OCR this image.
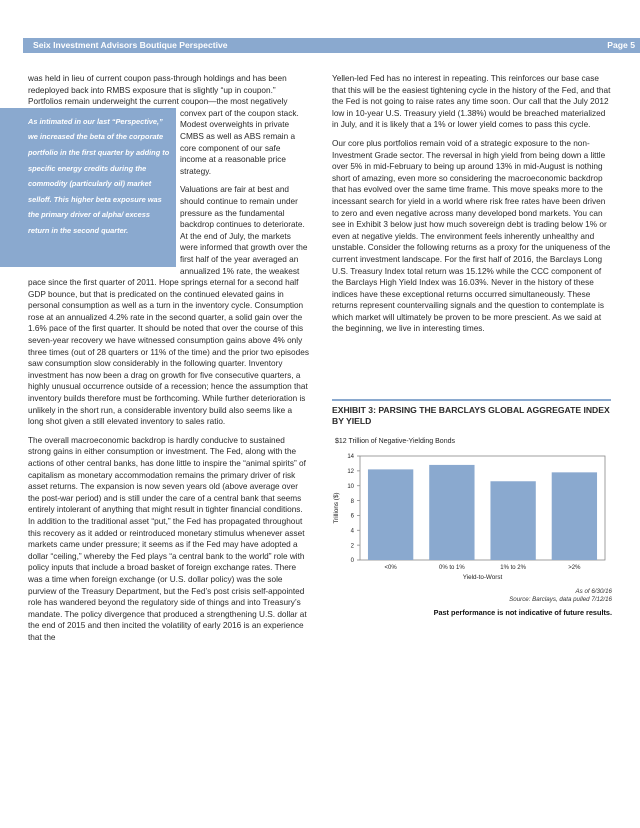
Seix Investment Advisors Boutique Perspective	Page 5

was held in lieu of current coupon pass-through holdings and has been redeployed back into RMBS exposure that is slightly “up in coupon.” Portfolios remain underweight the current coupon—the most negatively
As intimated in our last “Perspective,” we increased the beta of the corporate portfolio in the first quarter by adding to specific energy credits during the commodity (particularly oil) market selloff. This higher beta exposure was the primary driver of alpha/ excess return in the second quarter.
convex part of the coupon stack. Modest overweights in private CMBS as well as ABS remain a core component of our safe income at a reasonable price strategy.

Valuations are fair at best and should continue to remain under pressure as the fundamental backdrop continues to deteriorate. At the end of July, the markets were informed that growth over the first half of the year averaged an annualized 1% rate, the weakest pace since the first quarter of 2011. Hope springs eternal for a second half GDP bounce, but that is predicated on the continued elevated gains in personal consumption as well as a turn in the inventory cycle. Consumption rose at an annualized 4.2% rate in the second quarter, a solid gain over the 1.6% pace of the first quarter. It should be noted that over the course of this seven-year recovery we have witnessed consumption gains above 4% only three times (out of 28 quarters or 11% of the time) and the prior two episodes saw consumption slow considerably in the following quarter. Inventory investment has now been a drag on growth for five consecutive quarters, a highly unusual occurrence outside of a recession; hence the assumption that inventory builds therefore must be forthcoming. While further deterioration is unlikely in the short run, a considerable inventory build also seems like a long shot given a still elevated inventory to sales ratio.

The overall macroeconomic backdrop is hardly conducive to sustained strong gains in either consumption or investment. The Fed, along with the actions of other central banks, has done little to inspire the “animal spirits” of capitalism as monetary accommodation remains the primary driver of risk asset returns. The expansion is now seven years old (above average over the post-war period) and is still under the care of a central bank that seems entirely intolerant of anything that might result in tighter financial conditions. In addition to the traditional asset “put,” the Fed has propagated throughout this recovery as it added or reintroduced monetary stimulus whenever asset markets came under pressure; it seems as if the Fed may have adopted a dollar “ceiling,” whereby the Fed plays “a central bank to the world” role with policy inputs that include a broad basket of foreign exchange rates. There was a time when foreign exchange (or U.S. dollar policy) was the sole purview of the Treasury Department, but the Fed’s post crisis self-appointed role has wandered beyond the regulatory side of things and into Treasury’s mandate. The policy divergence that produced a strengthening U.S. dollar at the end of 2015 and then incited the volatility of early 2016 is an experience that the

Yellen-led Fed has no interest in repeating. This reinforces our base case that this will be the easiest tightening cycle in the history of the Fed, and that the Fed is not going to raise rates any time soon. Our call that the July 2012 low in 10-year U.S. Treasury yield (1.38%) would be breached materialized in July, and it is likely that a 1% or lower yield comes to pass this cycle.

Our core plus portfolios remain void of a strategic exposure to the non-Investment Grade sector. The reversal in high yield from being down a little over 5% in mid-February to being up around 13% in mid-August is nothing short of amazing, even more so considering the macroeconomic backdrop that has evolved over the same time frame. This move speaks more to the incessant search for yield in a world where risk free rates have been driven to zero and even negative across many developed bond markets. You can see in Exhibit 3 below just how much sovereign debt is trading below 1% or even at negative yields. The environment feels inherently unhealthy and unstable. Consider the following returns as a proxy for the uniqueness of the current investment landscape. For the first half of 2016, the Barclays Long U.S. Treasury Index total return was 15.12% while the CCC component of the Barclays High Yield Index was 16.03%. Never in the history of these indices have these exceptional returns occurred simultaneously. These returns represent countervailing signals and the question to contemplate is which market will ultimately be proven to be more prescient. As we said at the beginning, we live in interesting times.

EXHIBIT 3: PARSING THE BARCLAYS GLOBAL AGGREGATE INDEX BY YIELD
$12 Trillion of Negative-Yielding Bonds
0
2
4
6
8
10
12
14
<0%	0% to 1%	1% to 2%	>2%
Yield-to-Worst
Trillions ($)
As of 6/30/16
Source: Barclays, data pulled 7/12/16
Past performance is not indicative of future results.
